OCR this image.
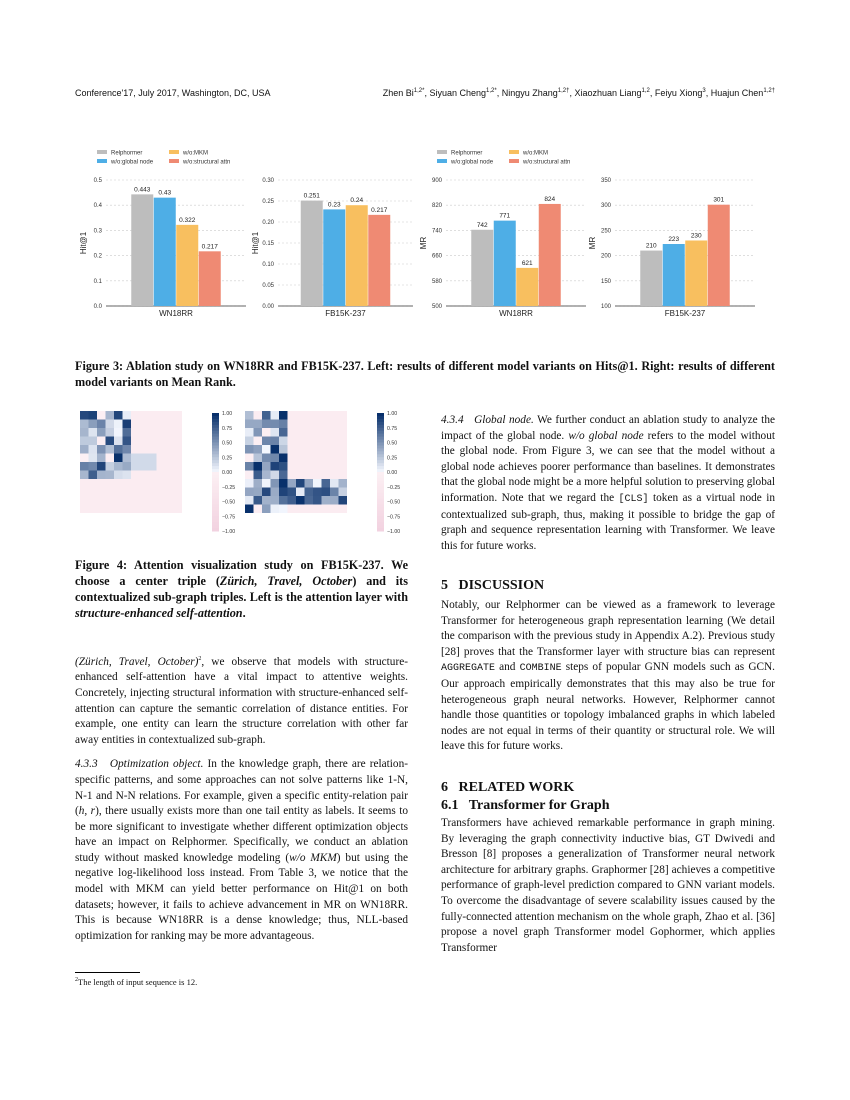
Conference'17, July 2017, Washington, DC, USA	Zhen $Bi^{1,2*}$, Siyuan Cheng$^{1,2*}$, Ningyu Zhang$^{1,2\dagger}$, Xiaozhuan Liang$^{1,2}$, Feiyu Xiong$^3$, Huajun Chen$^{1,2\dagger}$
Relphormer	w/o:MKM
w/o:global node	w/o:structural attn
0.0
0.1
0.2
0.3
0.4
0.5
Hit@1
0.443 0.43
0.322
0.217
WN18RR
0.00
0.05
0.10
0.15
0.20
0.25
0.30
Hit@1
0.251
0.23
0.24
0.217
FB15K-237
Relphormer	w/o:MKM
w/o:global node	w/o:structural attn
500
580
660
740
820
900
MR
742
771
621
824
WN18RR
100
150
200
250
300
350
MR	210
223
230
301
FB15K-237
Figure 3: Ablation study on WN18RR and FB15K-237. Left: results of different model variants on Hits@1. Right: results of different model variants on Mean Rank.
1.00
0.75
0.50
0.25
0.00
−0.25
−0.50
−0.75
−1.00
1.00
0.75
0.50
0.25
0.00
−0.25
−0.50
−0.75
−1.00
Figure 4: Attention visualization study on FB15K-237. We choose a center triple (Zürich, Travel, October) and its contextualized sub-graph triples. Left is the attention layer with structure-enhanced self-attention.

(Zürich, Travel, October)$^2$, we observe that models with structure-enhanced self-attention have a vital impact to attentive weights. Concretely, injecting structural information with structure-enhanced self-attention can capture the semantic correlation of distance entities. For example, one entity can learn the structure correlation with other far away entities in contextualized sub-graph.

4.3.3 Optimization object. In the knowledge graph, there are relation-specific patterns, and some approaches can not solve patterns like 1-N, N-1 and N-N relations. For example, given a specific entity-relation pair (h, r), there usually exists more than one tail entity as labels. It seems to be more significant to investigate whether different optimization objects have an impact on Relphormer. Specifically, we conduct an ablation study without masked knowledge modeling (w/o MKM) but using the negative log-likelihood loss instead. From Table 3, we notice that the model with MKM can yield better performance on Hit@1 on both datasets; however, it fails to achieve advancement in MR on WN18RR. This is because WN18RR is a dense knowledge; thus, NLL-based optimization for ranking may be more advantageous.

$^2$The length of input sequence is 12.

4.3.4 Global node. We further conduct an ablation study to analyze the impact of the global node. w/o global node refers to the model without the global node. From Figure 3, we can see that the model without a global node achieves poorer performance than baselines. It demonstrates that the global node might be a more helpful solution to preserving global information. Note that we regard the [CLS] token as a virtual node in contextualized sub-graph, thus, making it possible to bridge the gap of graph and sequence representation learning with Transformer. We leave this for future works.

5   DISCUSSION

Notably, our Relphormer can be viewed as a framework to leverage Transformer for heterogeneous graph representation learning (We detail the comparison with the previous study in Appendix A.2). Previous study [28] proves that the Transformer layer with structure bias can represent AGGREGATE and COMBINE steps of popular GNN models such as GCN. Our approach empirically demonstrates that this may also be true for heterogeneous graph neural networks. However, Relphormer cannot handle those quantities or topology imbalanced graphs in which labeled nodes are not equal in terms of their quantity or structural role. We will leave this for future works.

6   RELATED WORK

6.1   Transformer for Graph

Transformers have achieved remarkable performance in graph mining. By leveraging the graph connectivity inductive bias, GT Dwivedi and Bresson [8] proposes a generalization of Transformer neural network architecture for arbitrary graphs. Graphormer [28] achieves a competitive performance of graph-level prediction compared to GNN variant models. To overcome the disadvantage of severe scalability issues caused by the fully-connected attention mechanism on the whole graph, Zhao et al. [36] propose a novel graph Transformer model Gophormer, which applies Transformer
